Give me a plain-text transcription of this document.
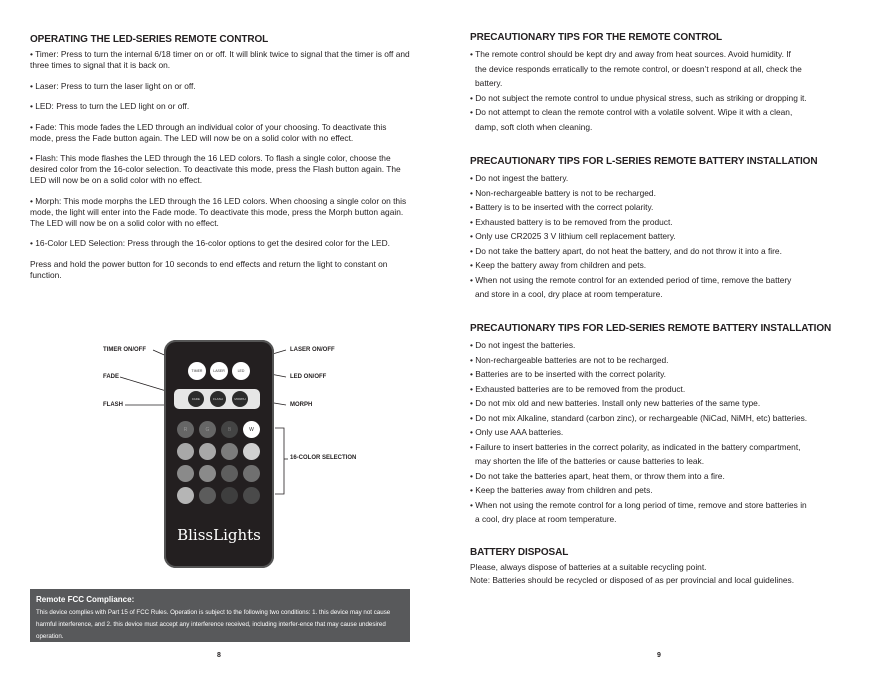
OPERATING THE LED-SERIES REMOTE CONTROL
• Timer: Press to turn the internal 6/18 timer on or off. It will blink twice to signal that the timer is off and three times to signal that it is back on.
• Laser: Press to turn the laser light on or off.
• LED: Press to turn the LED light on or off.
• Fade: This mode fades the LED through an individual color of your choosing. To deactivate this mode, press the Fade button again. The LED will now be on a solid color with no effect.
• Flash: This mode flashes the LED through the 16 LED colors. To flash a single color, choose the desired color from the 16-color selection. To deactivate this mode, press the Flash button again. The LED will now be on a solid color with no effect.
• Morph: This mode morphs the LED through the 16 LED colors. When choosing a single color on this mode, the light will enter into the Fade mode. To deactivate this mode, press the Morph button again. The LED will now be on a solid color with no effect.
• 16-Color LED Selection: Press through the 16-color options to get the desired color for the LED.
Press and hold the power button for 10 seconds to end effects and return the light to constant on function.
TIMER ON/OFF	LASER ON/OFF
FADE	LED ON/OFF
FLASH	MORPH
16-COLOR SELECTION
TIMER	LASER	LED
FADE	FLASH	MORPH
R	G	B	W
BlissLights
Remote FCC Compliance:
This device complies with Part 15 of FCC Rules. Operation is subject to the following two conditions: 1. this device may not cause harmful interference, and 2. this device must accept any interference received, including interfer-ence that may cause undesired operation.
8
PRECAUTIONARY TIPS FOR THE REMOTE CONTROL
• The remote control should be kept dry and away from heat sources. Avoid humidity. If
the device responds erratically to the remote control, or doesn’t respond at all, check the
battery.
• Do not subject the remote control to undue physical stress, such as striking or dropping it.
• Do not attempt to clean the remote control with a volatile solvent. Wipe it with a clean,
damp, soft cloth when cleaning.
PRECAUTIONARY TIPS FOR L-SERIES REMOTE BATTERY INSTALLATION
• Do not ingest the battery.
• Non-rechargeable battery is not to be recharged.
• Battery is to be inserted with the correct polarity.
• Exhausted battery is to be removed from the product.
• Only use CR2025 3 V lithium cell replacement battery.
• Do not take the battery apart, do not heat the battery, and do not throw it into a fire.
• Keep the battery away from children and pets.
• When not using the remote control for an extended period of time, remove the battery
and store in a cool, dry place at room temperature.
PRECAUTIONARY TIPS FOR LED-SERIES REMOTE BATTERY INSTALLATION
• Do not ingest the batteries.
• Non-rechargeable batteries are not to be recharged.
• Batteries are to be inserted with the correct polarity.
• Exhausted batteries are to be removed from the product.
• Do not mix old and new batteries. Install only new batteries of the same type.
• Do not mix Alkaline, standard (carbon zinc), or rechargeable (NiCad, NiMH, etc) batteries.
• Only use AAA batteries.
• Failure to insert batteries in the correct polarity, as indicated in the battery compartment,
may shorten the life of the batteries or cause batteries to leak.
• Do not take the batteries apart, heat them, or throw them into a fire.
• Keep the batteries away from children and pets.
• When not using the remote control for a long period of time, remove and store batteries in
a cool, dry place at room temperature.
BATTERY DISPOSAL
Please, always dispose of batteries at a suitable recycling point.
Note: Batteries should be recycled or disposed of as per provincial and local guidelines.
9
